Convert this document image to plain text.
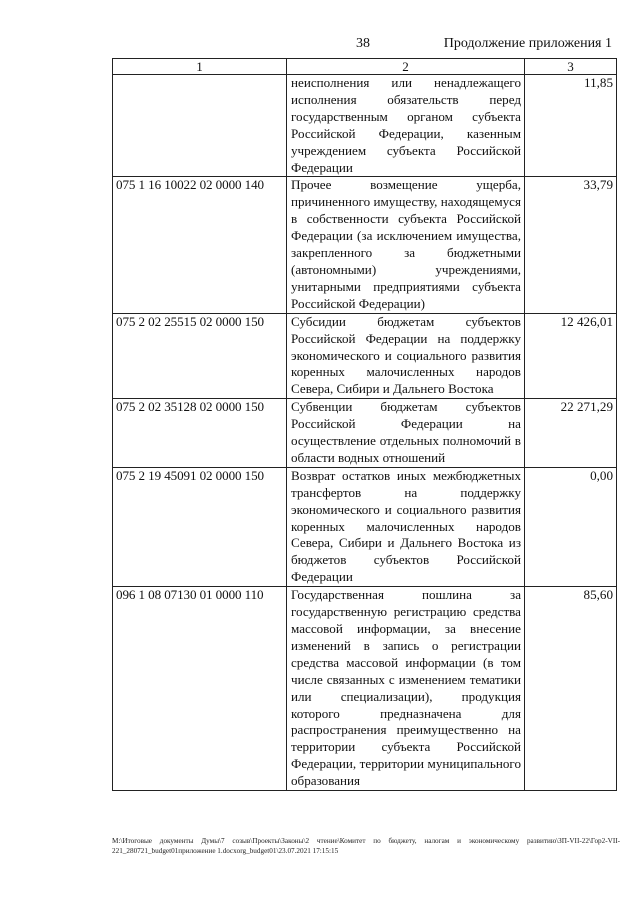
38	Продолжение приложения 1
1	2	3
	неисполнения или ненадлежащего исполнения обязательств перед государственным органом субъекта Российской Федерации, казенным учреждением субъекта Российской Федерации	11,85
075 1 16 10022 02 0000 140	Прочее возмещение ущерба, причиненного имуществу, находящемуся в собственности субъекта Российской Федерации (за исключением имущества, закрепленного за бюджетными (автономными) учреждениями, унитарными предприятиями субъекта Российской Федерации)	33,79
075 2 02 25515 02 0000 150	Субсидии бюджетам субъектов Российской Федерации на поддержку экономического и социального развития коренных малочисленных народов Севера, Сибири и Дальнего Востока	12 426,01
075 2 02 35128 02 0000 150	Субвенции бюджетам субъектов Российской Федерации на осуществление отдельных полномочий в области водных отношений	22 271,29
075 2 19 45091 02 0000 150	Возврат остатков иных межбюджетных трансфертов на поддержку экономического и социального развития коренных малочисленных народов Севера, Сибири и Дальнего Востока из бюджетов субъектов Российской Федерации	0,00
096 1 08 07130 01 0000 110	Государственная пошлина за государственную регистрацию средства массовой информации, за внесение изменений в запись о регистрации средства массовой информации (в том числе связанных с изменением тематики или специализации), продукция которого предназначена для распространения преимущественно на территории субъекта Российской Федерации, территории муниципального образования	85,60
M:\Итоговые документы Думы\7 созыв\Проекты\Законы\2 чтение\Комитет по бюджету, налогам и экономическому развитию\ЗП-VII-22\Гор2-VII-221_280721_budget01приложение 1.docxorg_budget01\23.07.2021 17:15:15
